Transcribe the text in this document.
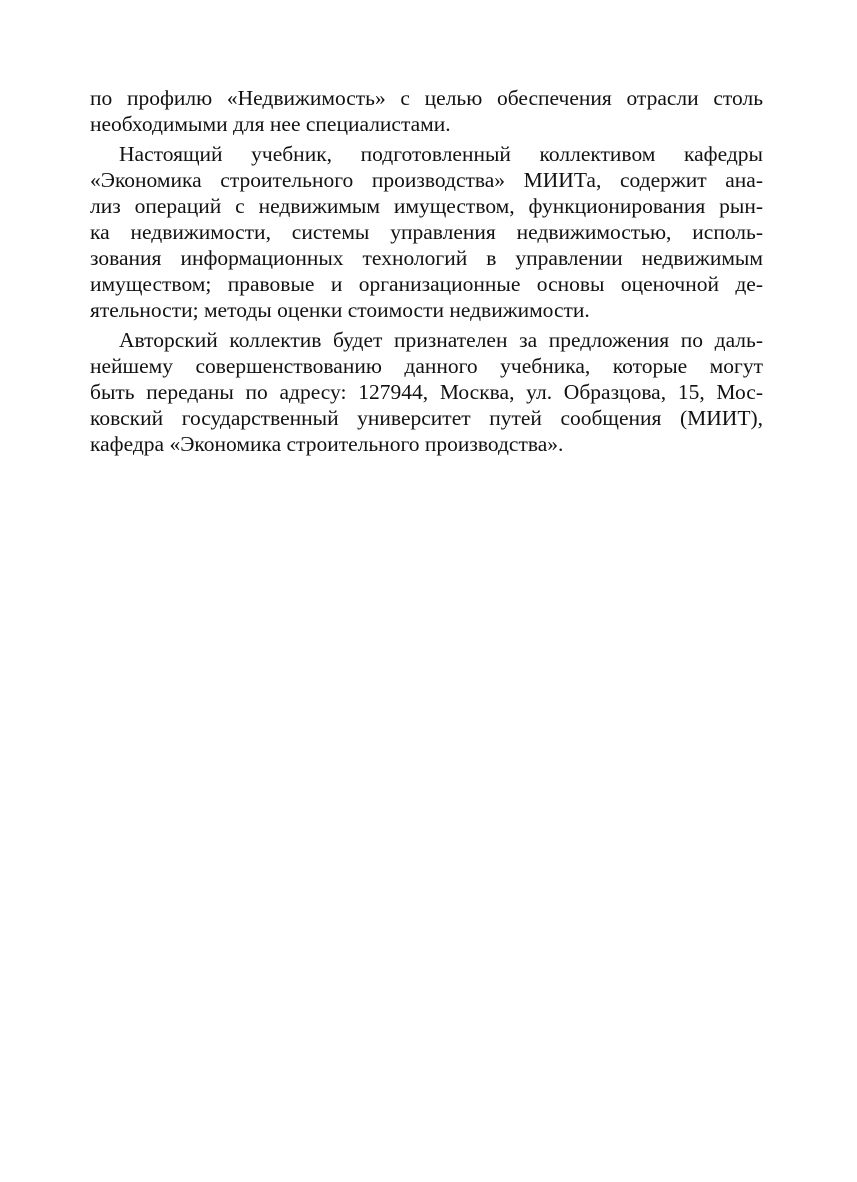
по профилю «Недвижимость» с целью обеспечения отрасли столь
необходимыми для нее специалистами.
Настоящий учебник, подготовленный коллективом кафедры
«Экономика строительного производства» МИИТа, содержит ана-
лиз операций с недвижимым имуществом, функционирования рын-
ка недвижимости, системы управления недвижимостью, исполь-
зования информационных технологий в управлении недвижимым
имуществом; правовые и организационные основы оценочной де-
ятельности; методы оценки стоимости недвижимости.
Авторский коллектив будет признателен за предложения по даль-
нейшему совершенствованию данного учебника, которые могут
быть переданы по адресу: 127944, Москва, ул. Образцова, 15, Мос-
ковский государственный университет путей сообщения (МИИТ),
кафедра «Экономика строительного производства».
